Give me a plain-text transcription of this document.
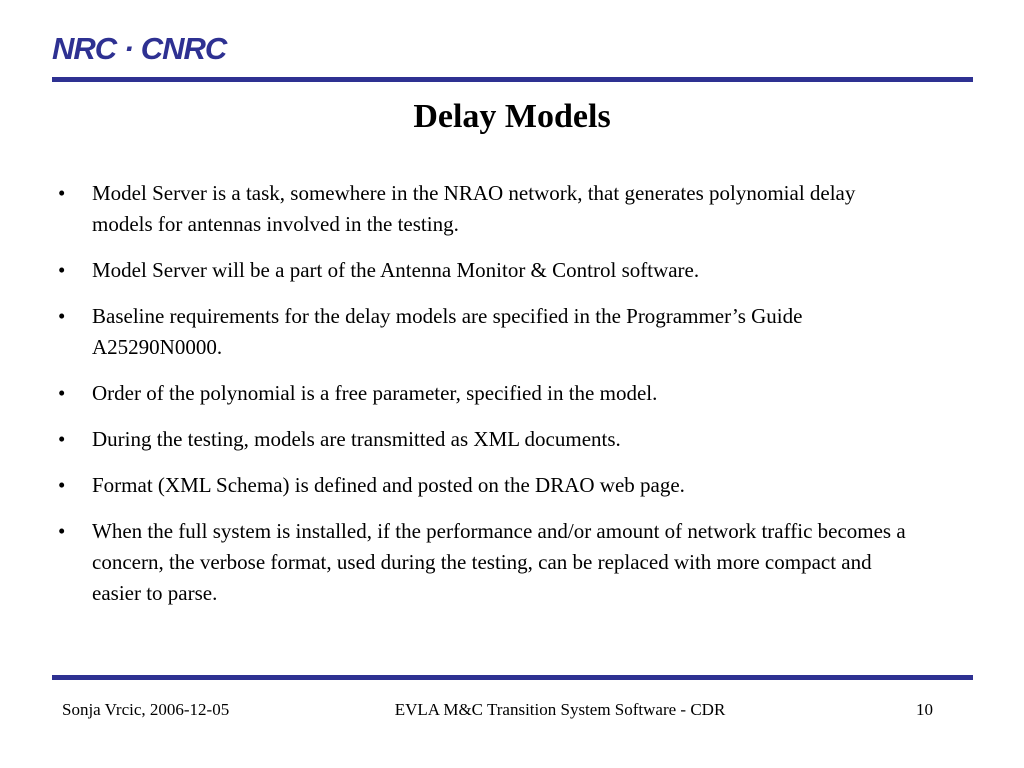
NRC · CNRC
Delay Models
• Model Server is a task, somewhere in the NRAO network, that generates polynomial delay models for antennas involved in the testing.
• Model Server will be a part of the Antenna Monitor & Control software.
• Baseline requirements for the delay models are specified in the Programmer’s Guide A25290N0000.
• Order of the polynomial is a free parameter, specified in the model.
• During the testing, models are transmitted as XML documents.
• Format (XML Schema) is defined and posted on the DRAO web page.
• When the full system is installed, if the performance and/or amount of network traffic becomes a concern, the verbose format, used during the testing, can be replaced with more compact and easier to parse.
Sonja Vrcic, 2006-12-05	EVLA M&C Transition System Software - CDR	10
